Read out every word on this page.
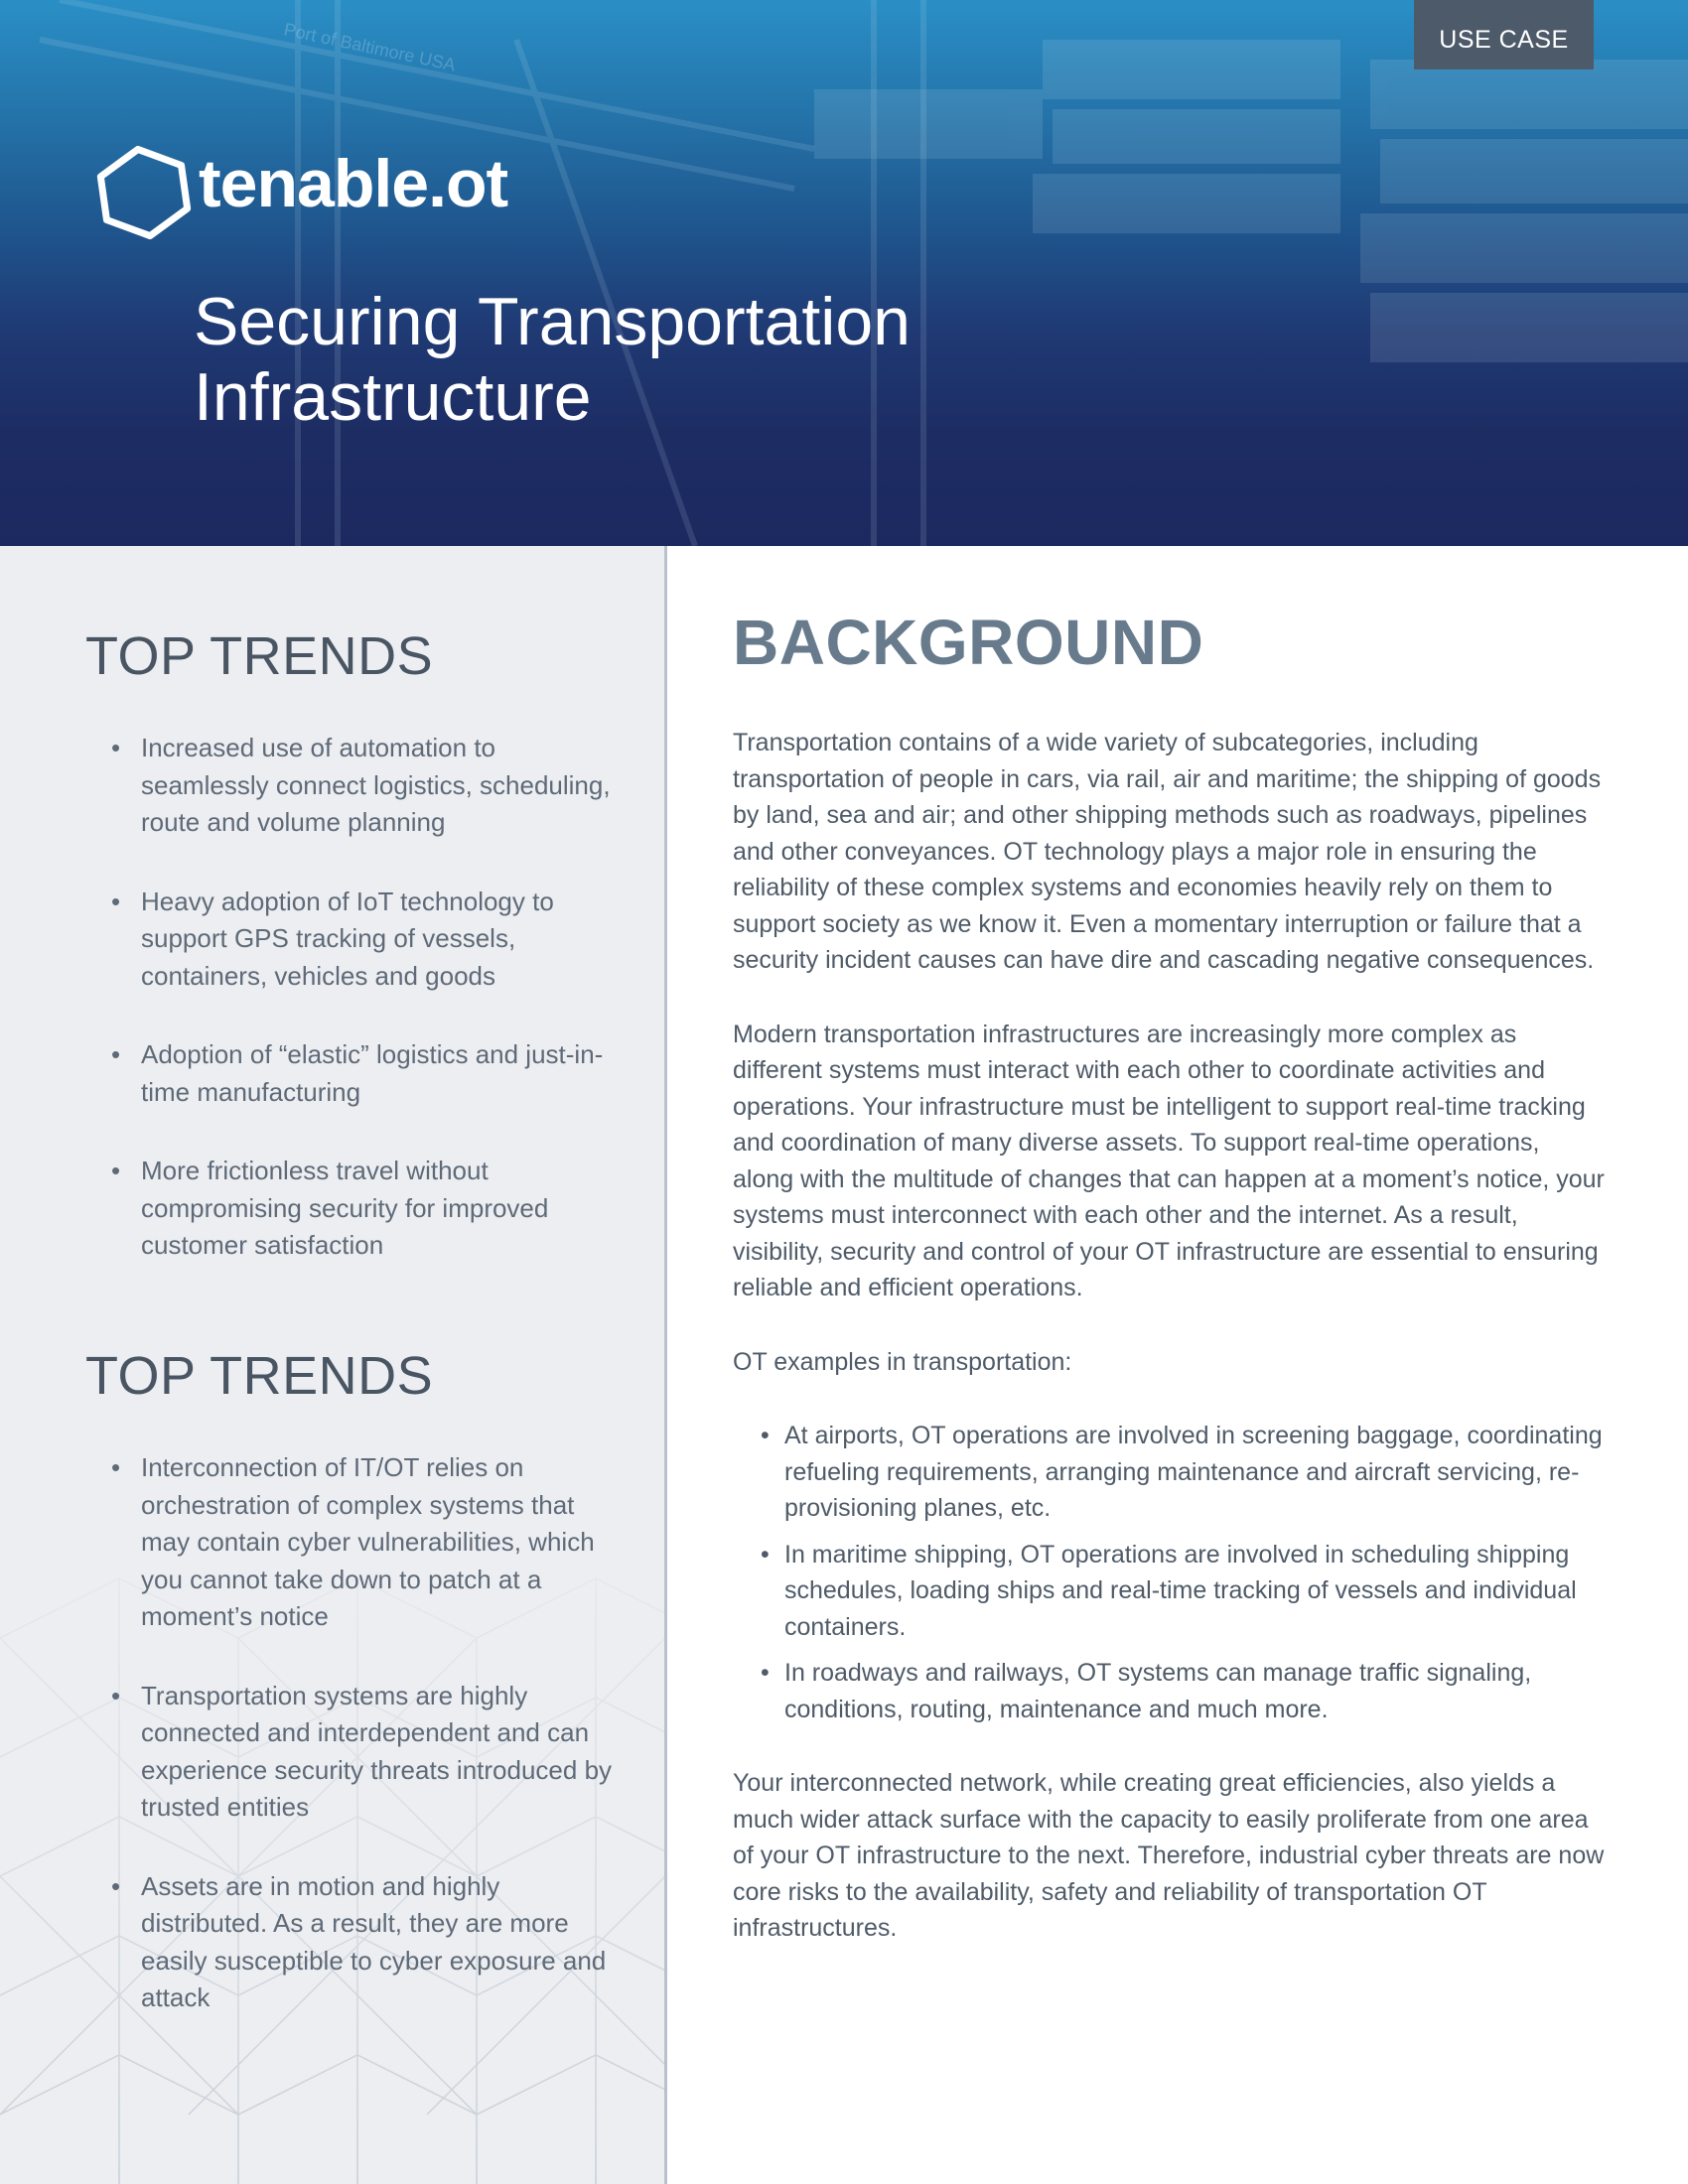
Port of Baltimore USA	USE CASE
tenable.ot
Securing Transportation
Infrastructure
TOP TRENDS
• Increased use of automation to seamlessly connect logistics, scheduling, route and volume planning
• Heavy adoption of IoT technology to support GPS tracking of vessels, containers, vehicles and goods
• Adoption of “elastic” logistics and just-in-time manufacturing
• More frictionless travel without compromising security for improved customer satisfaction
TOP TRENDS
• Interconnection of IT/OT relies on orchestration of complex systems that may contain cyber vulnerabilities, which you cannot take down to patch at a moment’s notice
• Transportation systems are highly connected and interdependent and can experience security threats introduced by trusted entities
• Assets are in motion and highly distributed. As a result, they are more easily susceptible to cyber exposure and attack
BACKGROUND

Transportation contains of a wide variety of subcategories, including transportation of people in cars, via rail, air and maritime; the shipping of goods by land, sea and air; and other shipping methods such as roadways, pipelines and other conveyances. OT technology plays a major role in ensuring the reliability of these complex systems and economies heavily rely on them to support society as we know it. Even a momentary interruption or failure that a security incident causes can have dire and cascading negative consequences.

Modern transportation infrastructures are increasingly more complex as different systems must interact with each other to coordinate activities and operations. Your infrastructure must be intelligent to support real-time tracking and coordination of many diverse assets. To support real-time operations, along with the multitude of changes that can happen at a moment’s notice, your systems must interconnect with each other and the internet. As a result, visibility, security and control of your OT infrastructure are essential to ensuring reliable and efficient operations.

OT examples in transportation:

• At airports, OT operations are involved in screening baggage, coordinating refueling requirements, arranging maintenance and aircraft servicing, re-provisioning planes, etc.
• In maritime shipping, OT operations are involved in scheduling shipping schedules, loading ships and real-time tracking of vessels and individual containers.
• In roadways and railways, OT systems can manage traffic signaling, conditions, routing, maintenance and much more.

Your interconnected network, while creating great efficiencies, also yields a much wider attack surface with the capacity to easily proliferate from one area of your OT infrastructure to the next. Therefore, industrial cyber threats are now core risks to the availability, safety and reliability of transportation OT infrastructures.
